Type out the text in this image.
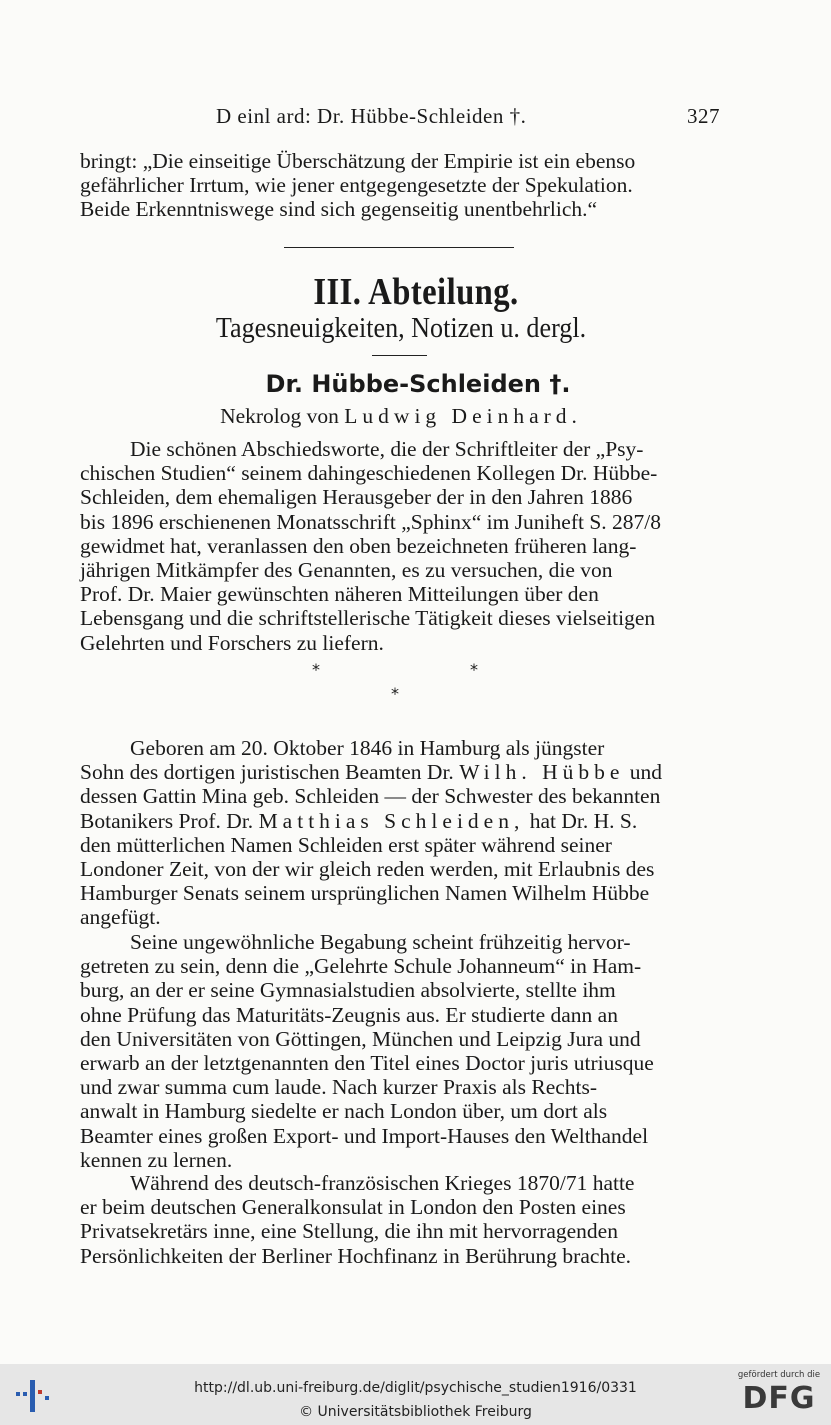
D einl ard: Dr. Hübbe-Schleiden †.	327

bringt: „Die einseitige Überschätzung der Empirie ist ein ebenso

gefährlicher Irrtum, wie jener entgegengesetzte der Spekulation.

Beide Erkenntniswege sind sich gegenseitig unentbehrlich.“

III. Abteilung.
Tagesneuigkeiten, Notizen u. dergl.
Dr. Hübbe-Schleiden †.
Nekrolog von Ludwig Deinhard.

Die schönen Abschiedsworte, die der Schriftleiter der „Psy-

chischen Studien“ seinem dahingeschiedenen Kollegen Dr. Hübbe-

Schleiden, dem ehemaligen Herausgeber der in den Jahren 1886

bis 1896 erschienenen Monatsschrift „Sphinx“ im Juniheft S. 287/8

gewidmet hat, veranlassen den oben bezeichneten früheren lang-

jährigen Mitkämpfer des Genannten, es zu versuchen, die von

Prof. Dr. Maier gewünschten näheren Mitteilungen über den

Lebensgang und die schriftstellerische Tätigkeit dieses vielseitigen

Gelehrten und Forschers zu liefern.

*	*
*

Geboren am 20. Oktober 1846 in Hamburg als jüngster

Sohn des dortigen juristischen Beamten Dr. Wilh. Hübbe und

dessen Gattin Mina geb. Schleiden — der Schwester des bekannten

Botanikers Prof. Dr. Matthias Schleiden, hat Dr. H. S.

den mütterlichen Namen Schleiden erst später während seiner

Londoner Zeit, von der wir gleich reden werden, mit Erlaubnis des

Hamburger Senats seinem ursprünglichen Namen Wilhelm Hübbe

angefügt.

Seine ungewöhnliche Begabung scheint frühzeitig hervor-

getreten zu sein, denn die „Gelehrte Schule Johanneum“ in Ham-

burg, an der er seine Gymnasialstudien absolvierte, stellte ihm

ohne Prüfung das Maturitäts-Zeugnis aus. Er studierte dann an

den Universitäten von Göttingen, München und Leipzig Jura und

erwarb an der letztgenannten den Titel eines Doctor juris utriusque

und zwar summa cum laude. Nach kurzer Praxis als Rechts-

anwalt in Hamburg siedelte er nach London über, um dort als

Beamter eines großen Export- und Import-Hauses den Welthandel

kennen zu lernen.

Während des deutsch-französischen Krieges 1870/71 hatte

er beim deutschen Generalkonsulat in London den Posten eines

Privatsekretärs inne, eine Stellung, die ihn mit hervorragenden

Persönlichkeiten der Berliner Hochfinanz in Berührung brachte.

http://dl.ub.uni-freiburg.de/diglit/psychische_studien1916/0331
© Universitätsbibliothek Freiburg
gefördert durch die
DFG
